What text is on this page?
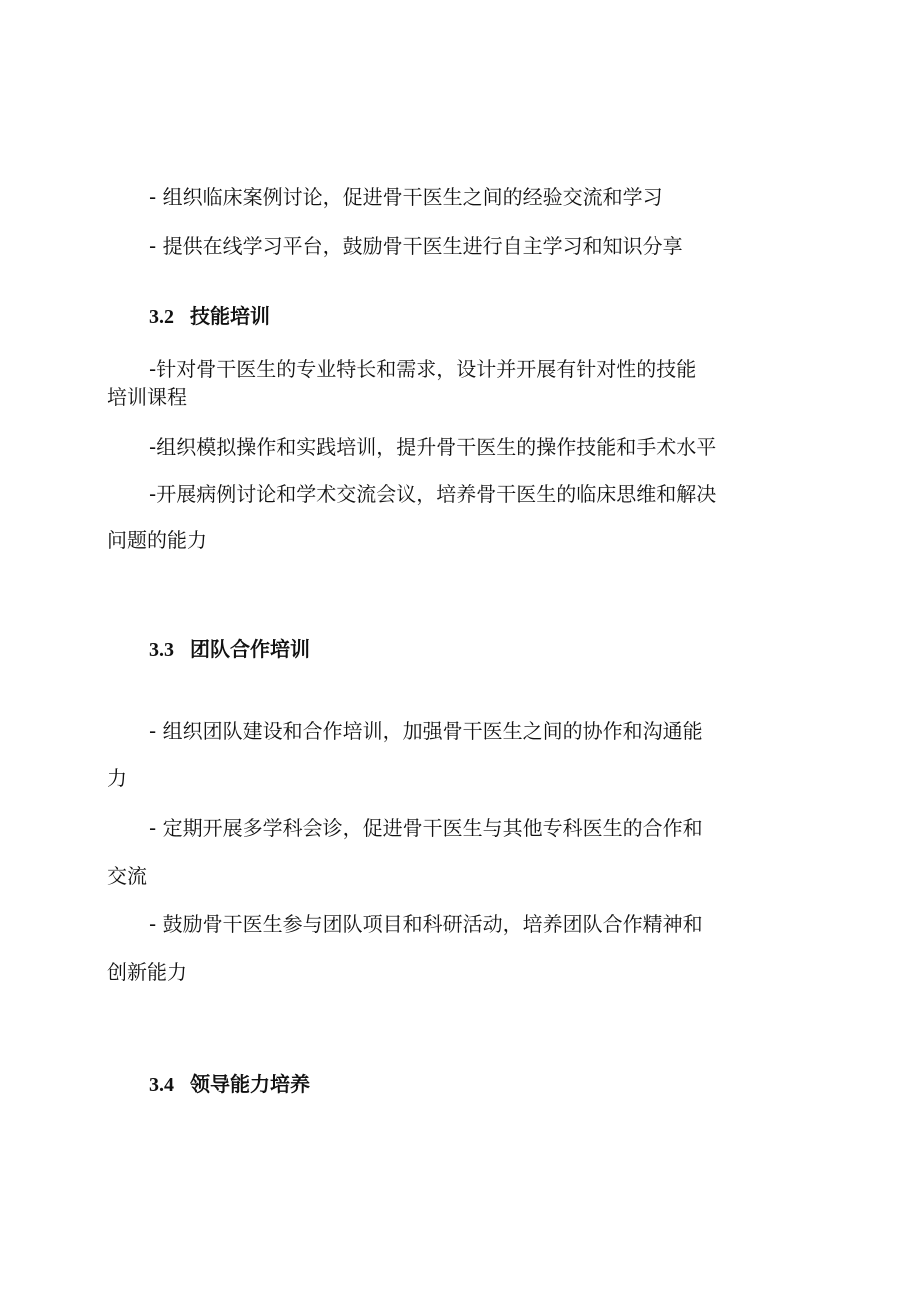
- 组织临床案例讨论，促进骨干医生之间的经验交流和学习
- 提供在线学习平台，鼓励骨干医生进行自主学习和知识分享
3.2 技能培训
-针对骨干医生的专业特长和需求，设计并开展有针对性的技能
培训课程
-组织模拟操作和实践培训，提升骨干医生的操作技能和手术水平
-开展病例讨论和学术交流会议，培养骨干医生的临床思维和解决
问题的能力
3.3 团队合作培训
- 组织团队建设和合作培训，加强骨干医生之间的协作和沟通能
力
- 定期开展多学科会诊，促进骨干医生与其他专科医生的合作和
交流
- 鼓励骨干医生参与团队项目和科研活动，培养团队合作精神和
创新能力
3.4 领导能力培养
